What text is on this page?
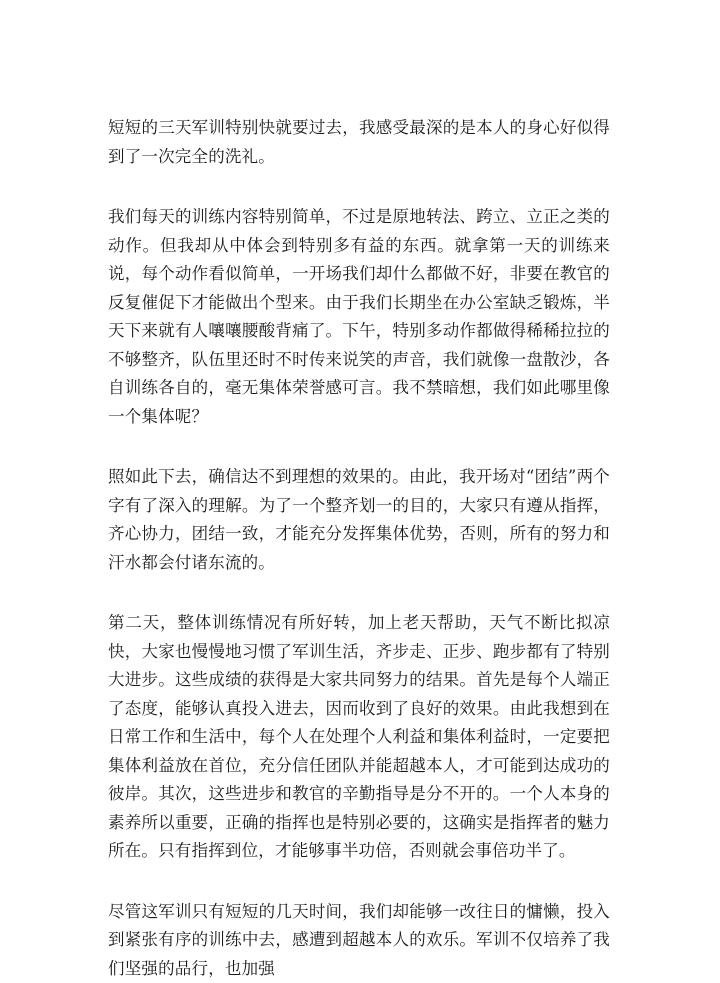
短短的三天军训特别快就要过去，我感受最深的是本人的身心好似得到了一次完全的洗礼。

我们每天的训练内容特别简单，不过是原地转法、跨立、立正之类的动作。但我却从中体会到特别多有益的东西。就拿第一天的训练来说，每个动作看似简单，一开场我们却什么都做不好，非要在教官的反复催促下才能做出个型来。由于我们长期坐在办公室缺乏锻炼，半天下来就有人嚷嚷腰酸背痛了。下午，特别多动作都做得稀稀拉拉的不够整齐，队伍里还时不时传来说笑的声音，我们就像一盘散沙，各自训练各自的，毫无集体荣誉感可言。我不禁暗想，我们如此哪里像一个集体呢？

照如此下去，确信达不到理想的效果的。由此，我开场对“团结”两个字有了深入的理解。为了一个整齐划一的目的，大家只有遵从指挥，齐心协力，团结一致，才能充分发挥集体优势，否则，所有的努力和汗水都会付诸东流的。

第二天，整体训练情况有所好转，加上老天帮助，天气不断比拟凉快，大家也慢慢地习惯了军训生活，齐步走、正步、跑步都有了特别大进步。这些成绩的获得是大家共同努力的结果。首先是每个人端正了态度，能够认真投入进去，因而收到了良好的效果。由此我想到在日常工作和生活中，每个人在处理个人利益和集体利益时，一定要把集体利益放在首位，充分信任团队并能超越本人，才可能到达成功的彼岸。其次，这些进步和教官的辛勤指导是分不开的。一个人本身的素养所以重要，正确的指挥也是特别必要的，这确实是指挥者的魅力所在。只有指挥到位，才能够事半功倍，否则就会事倍功半了。

尽管这军训只有短短的几天时间，我们却能够一改往日的慵懒，投入到紧张有序的训练中去，感遭到超越本人的欢乐。军训不仅培养了我们坚强的品行，也加强
